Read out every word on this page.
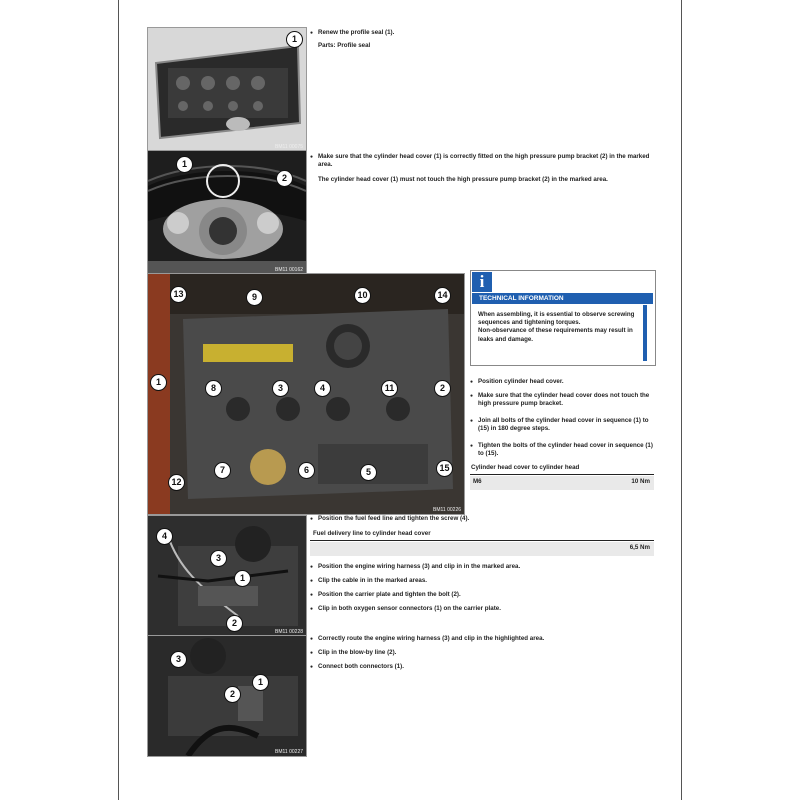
1
BM11 00075
1
2
BM11 00162
13	9	10	14
1
8	3	4	11	2
7	6	5	15
12
BM11 00226
4
3
1
2
BM11 00228
3
1
2
BM11 00227
● Renew the profile seal (1).
Parts: Profile seal
● Make sure that the cylinder head cover (1) is correctly fitted on the high pressure pump bracket (2) in the marked area.
The cylinder head cover (1) must not touch the high pressure pump bracket (2) in the marked area.
i
TECHNICAL INFORMATION
When assembling, it is essential to observe screwing sequences and tightening torques.
Non-observance of these requirements may result in leaks and damage.
● Position cylinder head cover.
● Make sure that the cylinder head cover does not touch the high pressure pump bracket.
● Join all bolts of the cylinder head cover in sequence (1) to (15) in 180 degree steps.
● Tighten the bolts of the cylinder head cover in sequence (1) to (15).
Cylinder head cover to cylinder head
M6	10 Nm
● Position the fuel feed line and tighten the screw (4).
Fuel delivery line to cylinder head cover
6,5 Nm
● Position the engine wiring harness (3) and clip in in the marked area.
● Clip the cable in in the marked areas.
● Position the carrier plate and tighten the bolt (2).
● Clip in both oxygen sensor connectors (1) on the carrier plate.
● Correctly route the engine wiring harness (3) and clip in the highlighted area.
● Clip in the blow-by line (2).
● Connect both connectors (1).
